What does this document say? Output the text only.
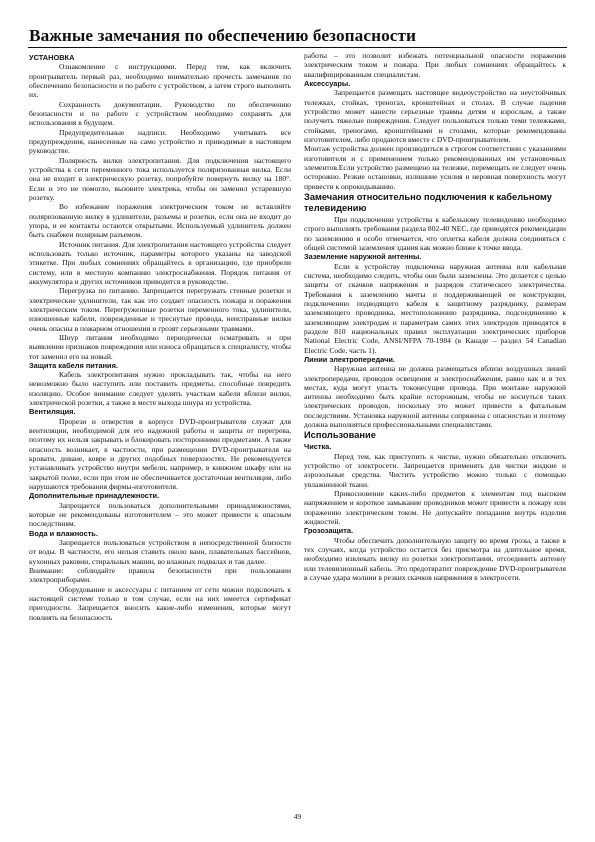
Важные замечания по обеспечению безопасности

УСТАНОВКА

Ознакомление с инструкциями. Перед тем, как включить проигрыватель первый раз, необходимо внимательно прочесть замечания по обеспечению безопасности и по работе с устройством, а затем строго выполнять их.

Сохранность документации. Руководство по обеспечению безопасности и по работе с устройством необходимо сохранять для использования в будущем.

Предупредительные надписи. Необходимо учитывать все предупреждения, нанесенные на само устройство и приводимые в настоящем руководстве.

Полярность вилки электропитания. Для подключения настоящего устройства к сети переменного тока используется поляризованная вилка. Если она не входит в электрическую розетку, попробуйте повернуть вилку на 180°. Если и это не помогло, вызовите электрика, чтобы он заменил устаревшую розетку.

Во избежание поражения электрическим током не вставляйте поляризованную вилку в удлинители, разъемы и розетки, если она не входит до упора, и ее контакты остаются открытыми. Используемый удлинитель должен быть снабжен полярным разъемом.

Источник питания. Для электропитания настоящего устройства следует использовать только источник, параметры которого указаны на заводской этикетке. При любых сомнениях обращайтесь в организацию, где приобрели систему, или в местную компанию электроснабжения. Порядок питания от аккумулятора и других источников приводится в руководстве.

Перегрузка по питанию. Запрещается перегружать стенные розетки и электрические удлинители, так как это создает опасность пожара и поражения электрическим током. Перегруженные розетки переменного тока, удлинители, изношенные кабели, поврежденные и треснутые провода, неисправные вилки очень опасны в пожарном отношении и грозят серьезными травмами.

Шнур питания необходимо периодически осматривать и при выявлении признаков повреждения или износа обращаться к специалисту, чтобы тот заменил его на новый.

Защита кабеля питания.

Кабель электропитания нужно прокладывать так, чтобы на него невозможно было наступить или поставить предметы, способные повредить изоляцию. Особое внимание следует уделять участкам кабеля вблизи вилки, электрической розетки, а также в месте выхода шнура из устройства.

Вентиляция.

Прорези и отверстия в корпусе DVD-проигрывателя служат для вентиляции, необходимой для его надежной работы и защиты от перегрева, поэтому их нельзя закрывать и блокировать посторонними предметами. А также опасность возникает, в частности, при размещении DVD-проигрывателя на кровати, диване, ковре и других подобных поверхностях. Не рекомендуется устанавливать устройство внутри мебели, например, в книжном шкафу или на закрытой полке, если при этом не обеспечивается достаточная вентиляция, либо нарушаются требования фирмы-изготовителя.

Дополнительные принадлежности.

Запрещается пользоваться дополнительными принадлежностями, которые не рекомендованы изготовителем – это может привести к опасным последствиям.

Вода и влажность.

Запрещается пользоваться устройством в непосредственной близости от воды. В частности, его нельзя ставить около ванн, плавательных бассейнов, кухонных раковин, стиральных машин, во влажных подвалах и так далее.

Внимание: соблюдайте правила безопасности при пользовании электроприборами.

Оборудование и аксессуары с питанием от сети можно подключать к настоящей системе только в том случае, если на них имеется сертификат пригодности. Запрещается вносить какие-либо изменения, которые могут повлиять на безопасность

работы – это позволит избежать потенциальной опасности поражения электрическим током и пожара. При любых сомнениях обращайтесь к квалифицированным специалистам.

Аксессуары.

Запрещается размещать настоящее видеоустройство на неустойчивых тележках, стойках, треногах, кронштейнах и столах. В случае падения устройство может нанести серьезные травмы детям и взрослым, а также получить тяжелые повреждения. Следует пользоваться только теми тележками, стойками, треногами, кронштейнами и столами, которые рекомендованы изготовителем, либо продаются вместе с DVD-проигрывателем.

Монтаж устройства должен производиться в строгом соответствии с указаниями изготовителя и с применением только рекомендованных им установочных элементов.Если устройство размещено на тележке, перемещать ее следует очень осторожно. Резкие остановки, излишние усилия и неровная поверхность могут привести к опрокидыванию.

Замечания относительно подключения к кабельному телевидению

При подключении устройства к кабельному телевидению необходимо строго выполнять требования раздела 802-40 NEC, где приводятся рекомендации по заземлению и особо отмечается, что оплетка кабеля должна соединяться с общей системой заземления здания как можно ближе к точке ввода.

Заземление наружной антенны.

Если к устройству подключена наружная антенна или кабельная система, необходимо следить, чтобы они были заземлены. Это делается с целью защиты от скачков напряжения и разрядов статического электричества. Требования к заземлению мачты и поддерживающей ее конструкции, подключению подводящего кабеля к защитному разряднику, размерам заземляющего проводника, местоположению разрядника, подсоединению к заземляющим электродам и параметрам самих этих электродов приводятся в разделе 810 национальных правил эксплуатации электрических приборов National Electric Code, ANSI/NFPA 70-1984 (в Канаде – раздел 54 Canadian Electric Code, часть 1).

Линии электропередачи.

Наружная антенна не должна размещаться вблизи воздушных линий электропередачи, проводов освещения и электроснабжения, равно как и в тех местах, куда могут упасть токонесущие провода. При монтаже наружной антенны необходимо быть крайне осторожным, чтобы не коснуться таких электрических проводов, поскольку это может привести к фатальным последствиям. Установка наружной антенны сопряжена с опасностью и поэтому должна выполняться профессиональными специалистами.

Использование

Чистка.

Перед тем, как приступить к чистке, нужно обязательно отключить устройство от электросети. Запрещается применять для чистки жидкие и аэрозольные средства. Чистить устройство можно только с помощью увлажненной ткани.

Прикосновение каких-либо предметов к элементам под высоким напряжением и короткое замыкание проводников может привести к пожару или поражению электрическим током. Не допускайте попадания внутрь изделия жидкостей.

Грозозащита.

Чтобы обеспечить дополнительную защиту во время грозы, а также в тех случаях, когда устройство остается без присмотра на длительное время, необходимо извлекать вилку из розетки электропитания, отсоединить антенну или телевизионный кабель. Это предотвратит повреждение DVD-проигрывателя в случае удара молнии в резких скачков напряжения в электросети.

49
